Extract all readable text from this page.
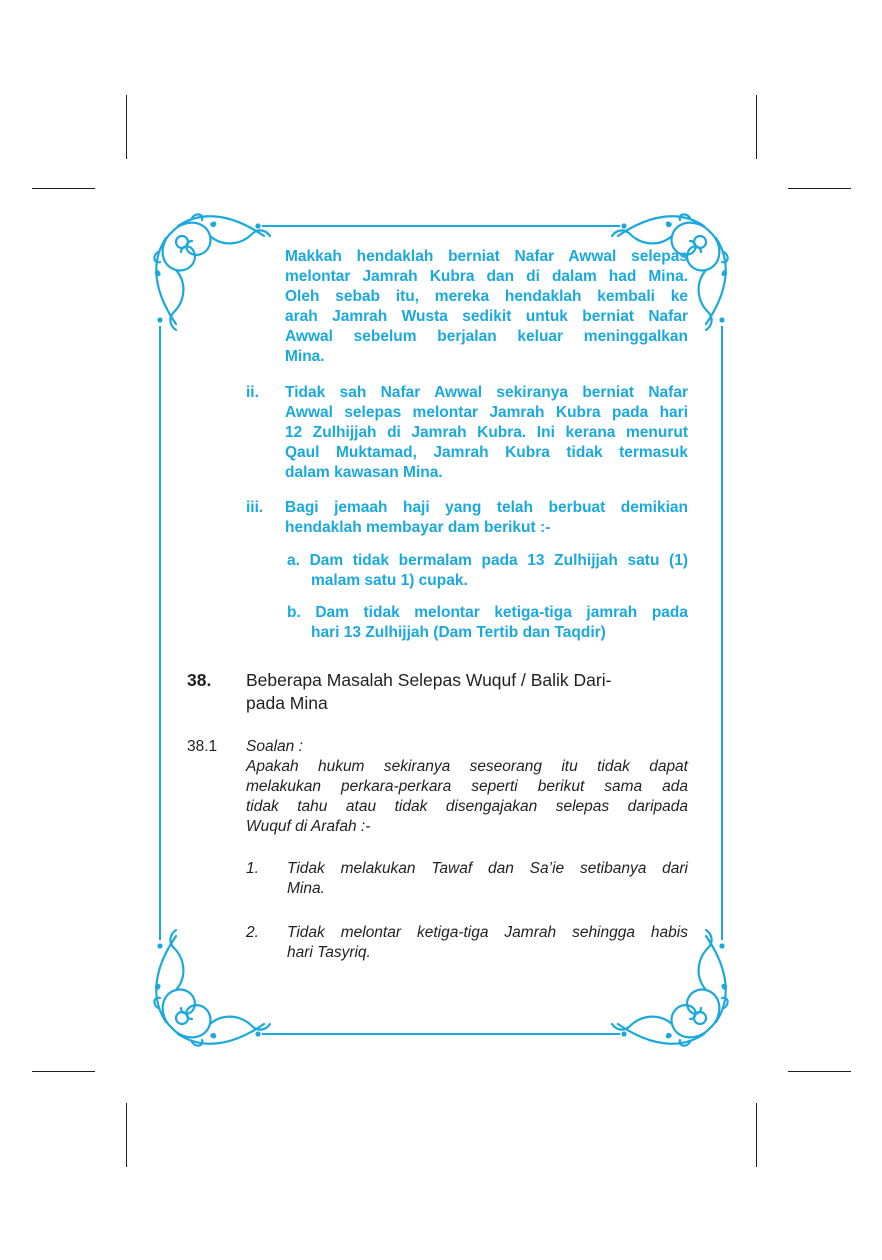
Makkah hendaklah berniat Nafar Awwal selepas
melontar Jamrah Kubra dan di dalam had Mina.
Oleh sebab itu, mereka hendaklah kembali ke
arah Jamrah Wusta sedikit untuk berniat Nafar
Awwal sebelum berjalan keluar meninggalkan
Mina.
ii. Tidak sah Nafar Awwal sekiranya berniat Nafar
Awwal selepas melontar Jamrah Kubra pada hari
12 Zulhijjah di Jamrah Kubra. Ini kerana menurut
Qaul Muktamad, Jamrah Kubra tidak termasuk
dalam kawasan Mina.
iii. Bagi jemaah haji yang telah berbuat demikian
hendaklah membayar dam berikut :-
a. Dam tidak bermalam pada 13 Zulhijjah satu (1)
malam satu 1) cupak.
b. Dam tidak melontar ketiga-tiga jamrah pada
hari 13 Zulhijjah (Dam Tertib dan Taqdir)
38. Beberapa Masalah Selepas Wuquf / Balik Dari-
pada Mina
38.1 Soalan :
Apakah hukum sekiranya seseorang itu tidak dapat
melakukan perkara-perkara seperti berikut sama ada
tidak tahu atau tidak disengajakan selepas daripada
Wuquf di Arafah :-
1. Tidak melakukan Tawaf dan Sa’ie setibanya dari
Mina.
2. Tidak melontar ketiga-tiga Jamrah sehingga habis
hari Tasyriq.
